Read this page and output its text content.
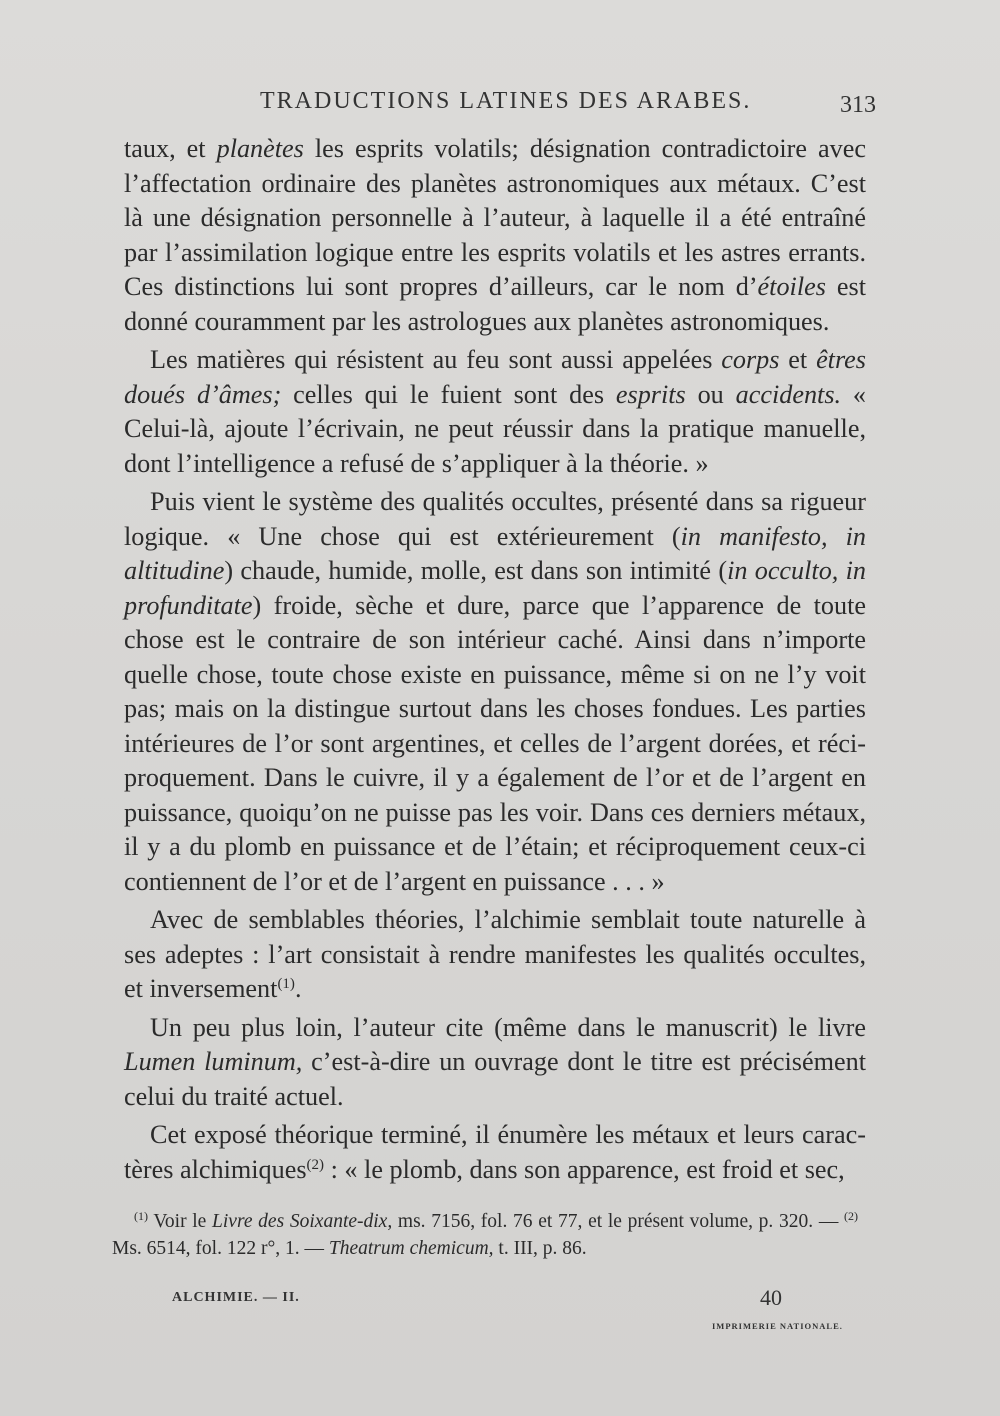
TRADUCTIONS LATINES DES ARABES.	313

taux, et planètes les esprits volatils; désignation contradictoire avec l’affectation ordinaire des planètes astronomiques aux métaux. C’est là une désignation personnelle à l’auteur, à laquelle il a été entraîné par l’assimilation logique entre les esprits volatils et les astres errants. Ces distinctions lui sont propres d’ailleurs, car le nom d’étoiles est donné couramment par les astrologues aux planètes astronomiques.

Les matières qui résistent au feu sont aussi appelées corps et êtres doués d’âmes; celles qui le fuient sont des esprits ou accidents. « Celui-là, ajoute l’écrivain, ne peut réussir dans la pratique manuelle, dont l’intelligence a refusé de s’appliquer à la théorie. »

Puis vient le système des qualités occultes, présenté dans sa rigueur logique. « Une chose qui est extérieurement (in manifesto, in altitudine) chaude, humide, molle, est dans son intimité (in occulto, in profunditate) froide, sèche et dure, parce que l’apparence de toute chose est le contraire de son intérieur caché. Ainsi dans n’importe quelle chose, toute chose existe en puissance, même si on ne l’y voit pas; mais on la distingue surtout dans les choses fondues. Les parties intérieures de l’or sont argentines, et celles de l’argent dorées, et réciproquement. Dans le cuivre, il y a également de l’or et de l’argent en puissance, quoiqu’on ne puisse pas les voir. Dans ces derniers métaux, il y a du plomb en puissance et de l’étain; et réciproquement ceux-ci contiennent de l’or et de l’argent en puissance . . . »

Avec de semblables théories, l’alchimie semblait toute naturelle à ses adeptes : l’art consistait à rendre manifestes les qualités occultes, et inversement$^{(1)}$.

Un peu plus loin, l’auteur cite (même dans le manuscrit) le livre Lumen luminum, c’est-à-dire un ouvrage dont le titre est précisément celui du traité actuel.

Cet exposé théorique terminé, il énumère les métaux et leurs caractères alchimiques$^{(2)}$ : « le plomb, dans son apparence, est froid et sec,

$^{(1)}$ Voir le Livre des Soixante-dix, ms. 7156, fol. 76 et 77, et le présent volume, p. 320. — $^{(2)}$ Ms. 6514, fol. 122 r°, 1. — Theatrum chemicum, t. III, p. 86.
ALCHIMIE. — II.	40
IMPRIMERIE NATIONALE.
